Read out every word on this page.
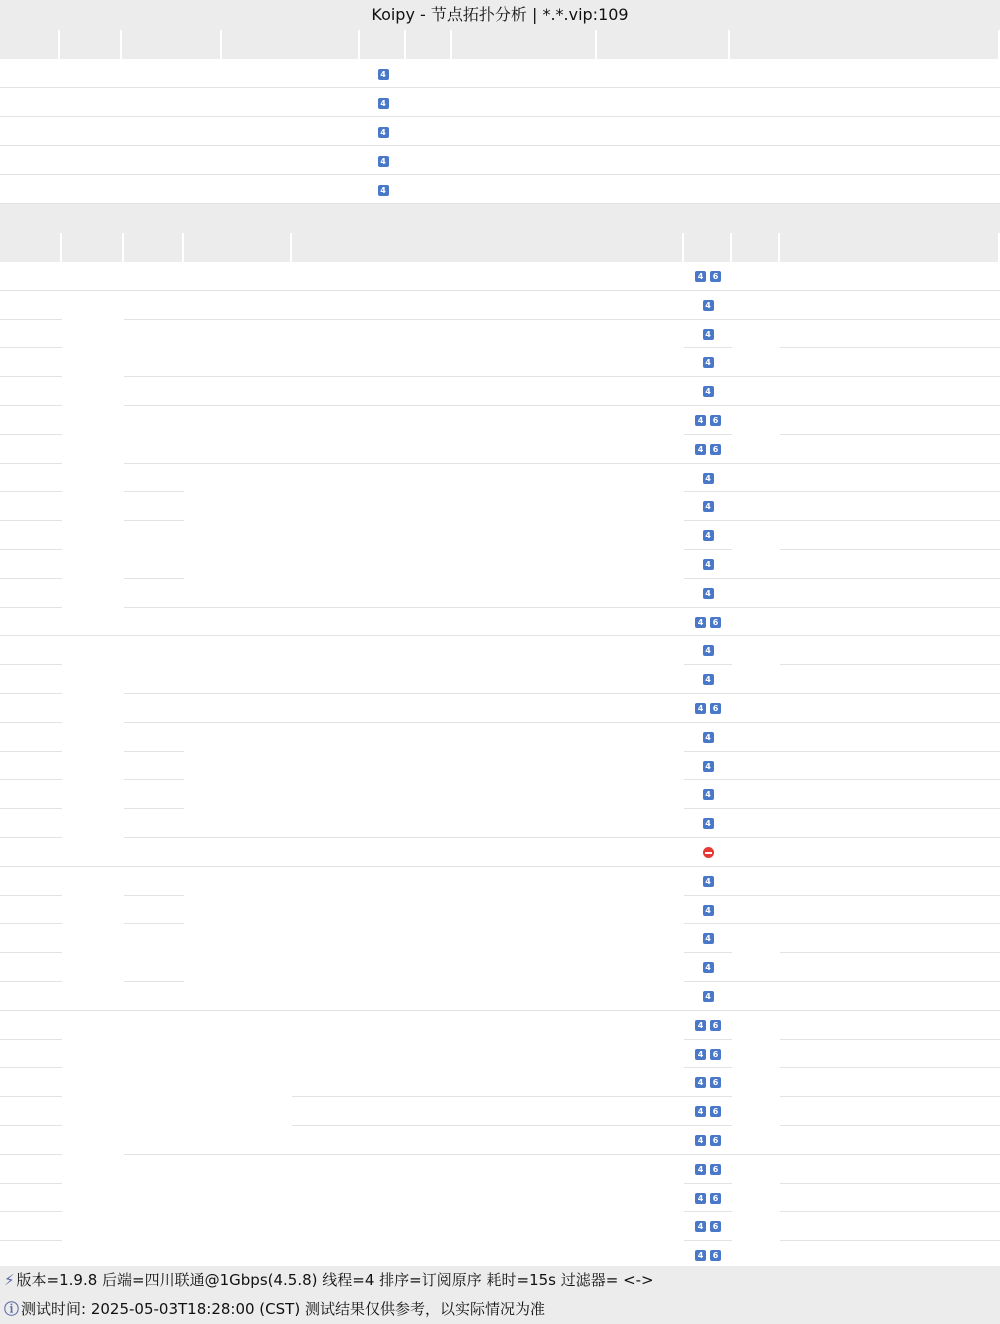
Koipy - 节点拓扑分析 | *.*.vip:109
4
4
4
4
4
4 6
4
4
4
4
4 6
4 6
4
4
4
4
4
4 6
4
4
4 6
4
4
4
4
4
4
4
4
4
4 6
4 6
4 6
4 6
4 6
4 6
4 6
4 6
4 6
⚡ 版本=1.9.8 后端=四川联通@1Gbps(4.5.8) 线程=4 排序=订阅原序 耗时=15s 过滤器= <->
ⓘ 测试时间: 2025-05-03T18:28:00 (CST) 测试结果仅供参考，以实际情况为准
